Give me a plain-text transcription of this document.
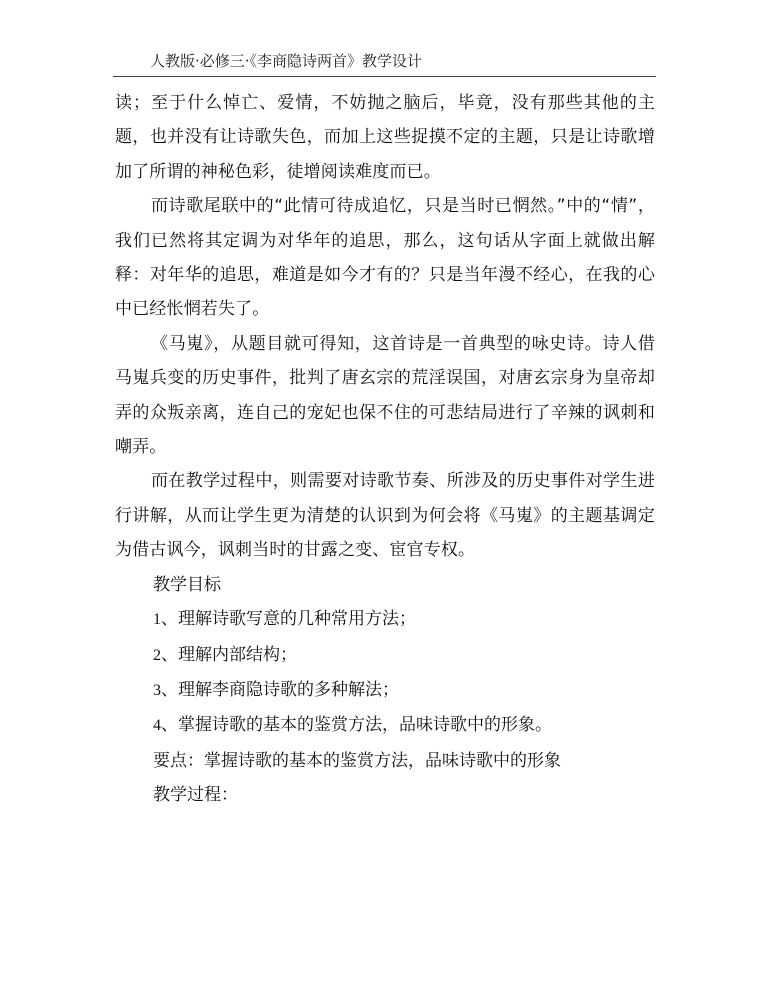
人教版·必修三·《李商隐诗两首》教学设计

读；至于什么悼亡、爱情，不妨抛之脑后，毕竟，没有那些其他的主题，也并没有让诗歌失色，而加上这些捉摸不定的主题，只是让诗歌增加了所谓的神秘色彩，徒增阅读难度而已。

而诗歌尾联中的“此情可待成追忆，只是当时已惘然。”中的“情”，我们已然将其定调为对华年的追思，那么，这句话从字面上就做出解释：对年华的追思，难道是如今才有的？只是当年漫不经心，在我的心中已经怅惘若失了。

《马嵬》，从题目就可得知，这首诗是一首典型的咏史诗。诗人借马嵬兵变的历史事件，批判了唐玄宗的荒淫误国，对唐玄宗身为皇帝却弄的众叛亲离，连自己的宠妃也保不住的可悲结局进行了辛辣的讽刺和嘲弄。

而在教学过程中，则需要对诗歌节奏、所涉及的历史事件对学生进行讲解，从而让学生更为清楚的认识到为何会将《马嵬》的主题基调定为借古讽今，讽刺当时的甘露之变、宦官专权。

教学目标

1、理解诗歌写意的几种常用方法；

2、理解内部结构；

3、理解李商隐诗歌的多种解法；

4、掌握诗歌的基本的鉴赏方法，品味诗歌中的形象。

要点：掌握诗歌的基本的鉴赏方法，品味诗歌中的形象

教学过程：
